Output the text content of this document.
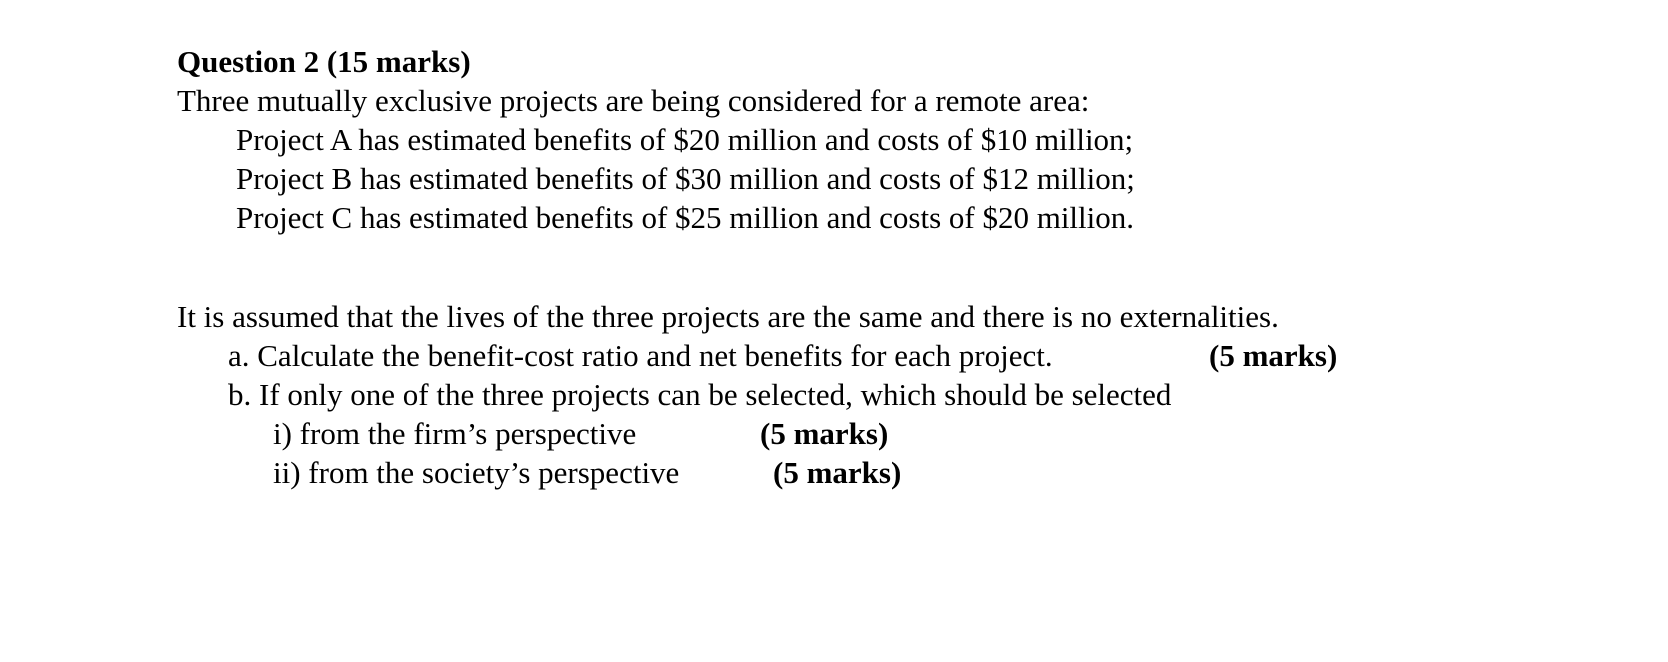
Question 2 (15 marks)
Three mutually exclusive projects are being considered for a remote area:
Project A has estimated benefits of $20 million and costs of $10 million;
Project B has estimated benefits of $30 million and costs of $12 million;
Project C has estimated benefits of $25 million and costs of $20 million.
It is assumed that the lives of the three projects are the same and there is no externalities.
a. Calculate the benefit-cost ratio and net benefits for each project.	(5 marks)
b. If only one of the three projects can be selected, which should be selected
i) from the firm’s perspective	(5 marks)
ii) from the society’s perspective	(5 marks)
